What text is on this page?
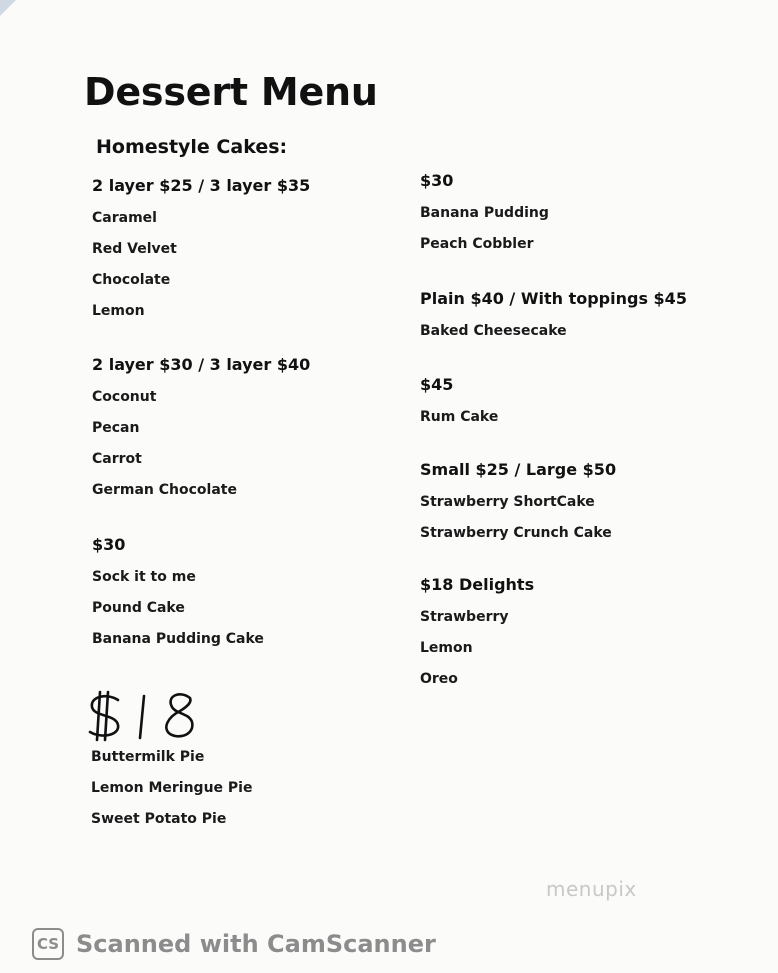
Dessert Menu
Homestyle Cakes:
2 layer $25 / 3 layer $35
Caramel
Red Velvet
Chocolate
Lemon
2 layer $30 / 3 layer $40
Coconut
Pecan
Carrot
German Chocolate
$30
Sock it to me
Pound Cake
Banana Pudding Cake
Buttermilk Pie
Lemon Meringue Pie
Sweet Potato Pie
$30
Banana Pudding
Peach Cobbler
Plain $40 / With toppings $45
Baked Cheesecake
$45
Rum Cake
Small $25 / Large $50
Strawberry ShortCake
Strawberry Crunch Cake
$18 Delights
Strawberry
Lemon
Oreo
menupix
CS Scanned with CamScanner
